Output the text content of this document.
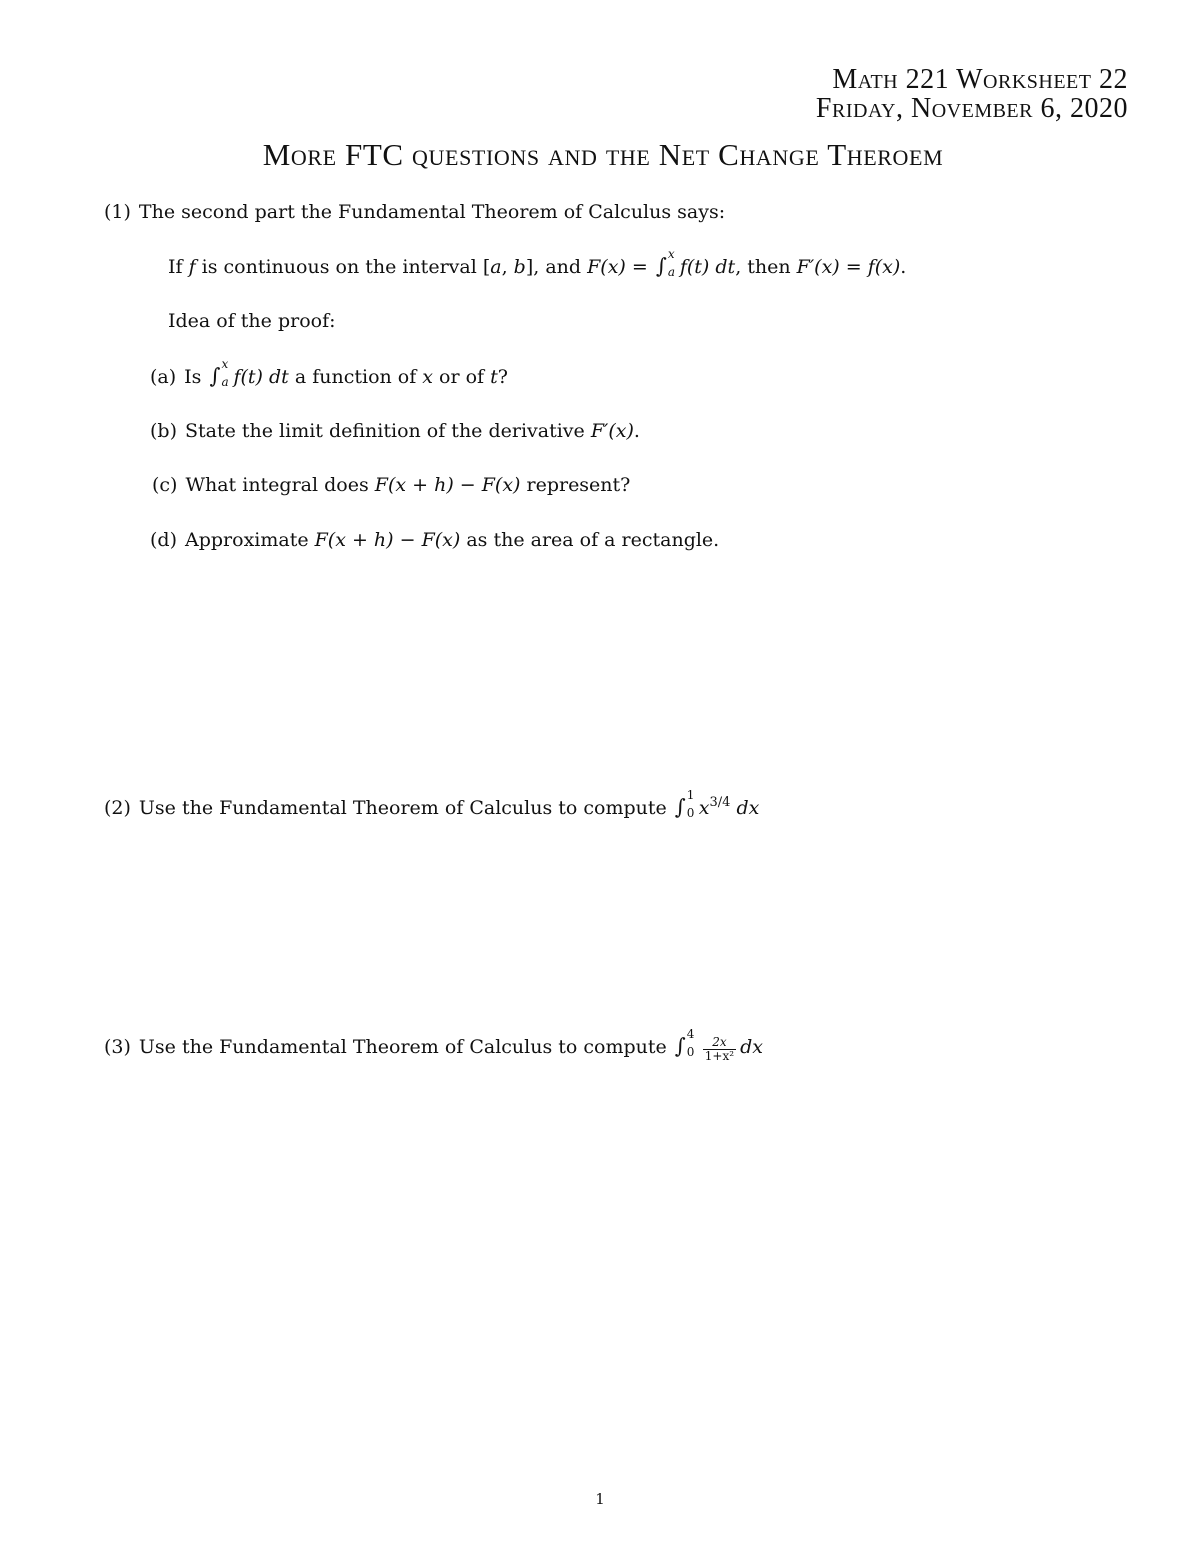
Math 221 Worksheet 22
Friday, November 6, 2020
More FTC questions and the Net Change Theroem
(1) The second part the Fundamental Theorem of Calculus says:
If f is continuous on the interval [a, b], and F(x) = ∫ x
a f(t) dt, then F′(x) = f(x).
Idea of the proof:
(a) Is ∫ x
a f(t) dt a function of x or of t?
(b) State the limit definition of the derivative F′(x).
(c) What integral does F(x + h) − F(x) represent?
(d) Approximate F(x + h) − F(x) as the area of a rectangle.
(2) Use the Fundamental Theorem of Calculus to compute ∫ 1
0 $x^{3/4}$ dx
(3) Use the Fundamental Theorem of Calculus to compute ∫ 4
$0 \frac{2x}{\text{1+x²}}$ dx
1
